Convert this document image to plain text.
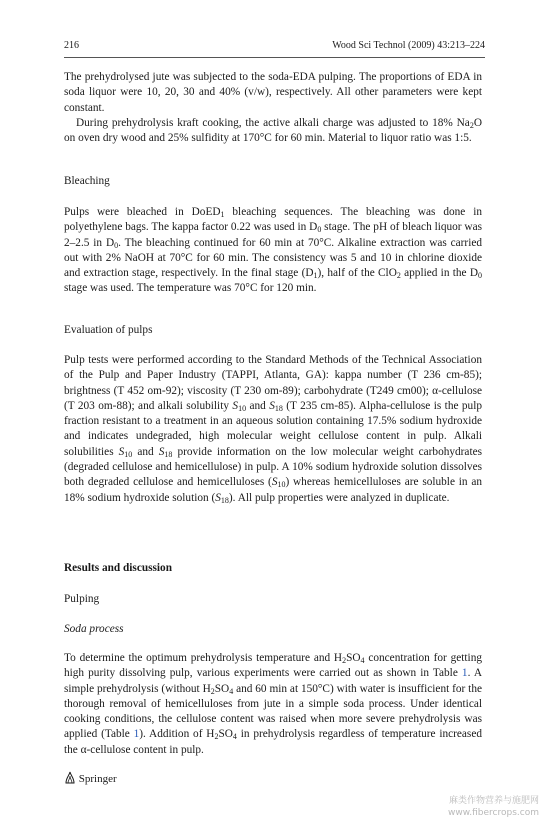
216	Wood Sci Technol (2009) 43:213–224

The prehydrolysed jute was subjected to the soda-EDA pulping. The proportions of EDA in soda liquor were 10, 20, 30 and 40% (v/w), respectively. All other parameters were kept constant.

During prehydrolysis kraft cooking, the active alkali charge was adjusted to 18% $Na_2O$ on oven dry wood and 25% sulfidity at 170°C for 60 min. Material to liquor ratio was 1:5.

Bleaching

Pulps were bleached in DoED$_1$ bleaching sequences. The bleaching was done in polyethylene bags. The kappa factor 0.22 was used in $D_0$ stage. The pH of bleach liquor was 2–2.5 in $D_0$. The bleaching continued for 60 min at 70°C. Alkaline extraction was carried out with 2% NaOH at 70°C for 60 min. The consistency was 5 and 10 in chlorine dioxide and extraction stage, respectively. In the final stage $(D_1)$, half of the ClO$_2$ applied in the $D_0$ stage was used. The temperature was 70°C for 120 min.

Evaluation of pulps

Pulp tests were performed according to the Standard Methods of the Technical Association of the Pulp and Paper Industry (TAPPI, Atlanta, GA): kappa number (T 236 cm-85); brightness (T 452 om-92); viscosity (T 230 om-89); carbohydrate (T249 cm00); α-cellulose (T 203 om-88); and alkali solubility $S_{10}$ and $S_{18}$ (T 235 cm-85). Alpha-cellulose is the pulp fraction resistant to a treatment in an aqueous solution containing 17.5% sodium hydroxide and indicates undegraded, high molecular weight cellulose content in pulp. Alkali solubilities $S_{10}$ and $S_{18}$ provide information on the low molecular weight carbohydrates (degraded cellulose and hemicellulose) in pulp. A 10% sodium hydroxide solution dissolves both degraded cellulose and hemicelluloses $(S_{10})$ whereas hemicelluloses are soluble in an 18% sodium hydroxide solution $(S_{18})$. All pulp properties were analyzed in duplicate.

Results and discussion
Pulping
Soda process

To determine the optimum prehydrolysis temperature and $H_2SO_4$ concentration for getting high purity dissolving pulp, various experiments were carried out as shown in Table 1. A simple prehydrolysis (without $H_2SO_4$ and 60 min at 150°C) with water is insufficient for the thorough removal of hemicelluloses from jute in a simple soda process. Under identical cooking conditions, the cellulose content was raised when more severe prehydrolysis was applied (Table 1). Addition of $H_2SO_4$ in prehydrolysis regardless of temperature increased the α-cellulose content in pulp.

Springer
麻类作物营养与施肥网
www.fibercrops.com
